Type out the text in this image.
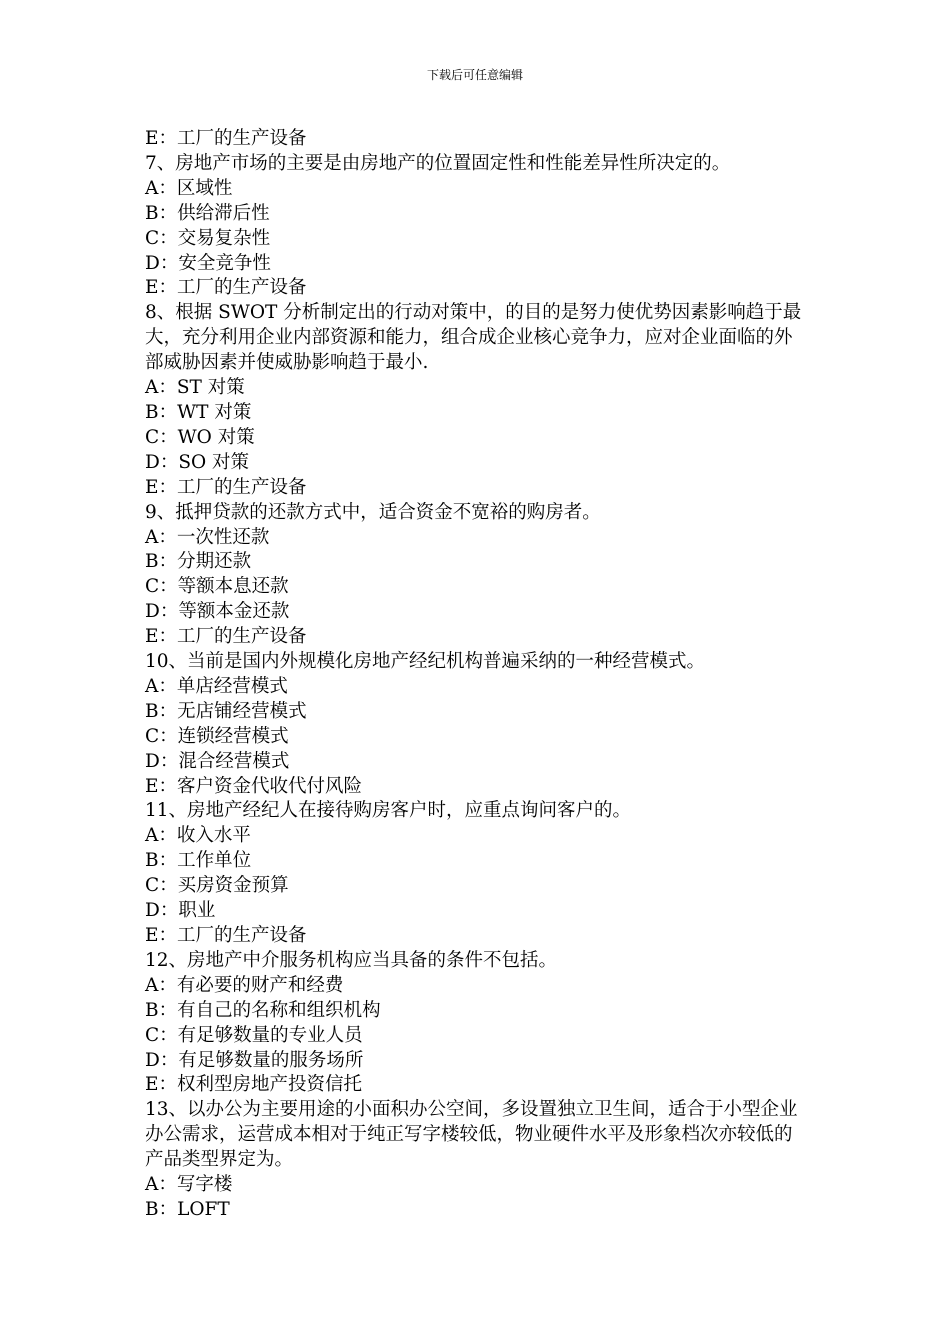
下载后可任意编辑
E：工厂的生产设备
7、房地产市场的主要是由房地产的位置固定性和性能差异性所决定的。
A：区域性
B：供给滞后性
C：交易复杂性
D：安全竞争性
E：工厂的生产设备
8、根据 SWOT 分析制定出的行动对策中，的目的是努力使优势因素影响趋于最大，充分利用企业内部资源和能力，组合成企业核心竞争力，应对企业面临的外部威胁因素并使威胁影响趋于最小.
A：ST 对策
B：WT 对策
C：WO 对策
D：SO 对策
E：工厂的生产设备
9、抵押贷款的还款方式中，适合资金不宽裕的购房者。
A：一次性还款
B：分期还款
C：等额本息还款
D：等额本金还款
E：工厂的生产设备
10、当前是国内外规模化房地产经纪机构普遍采纳的一种经营模式。
A：单店经营模式
B：无店铺经营模式
C：连锁经营模式
D：混合经营模式
E：客户资金代收代付风险
11、房地产经纪人在接待购房客户时，应重点询问客户的。
A：收入水平
B：工作单位
C：买房资金预算
D：职业
E：工厂的生产设备
12、房地产中介服务机构应当具备的条件不包括。
A：有必要的财产和经费
B：有自己的名称和组织机构
C：有足够数量的专业人员
D：有足够数量的服务场所
E：权利型房地产投资信托
13、以办公为主要用途的小面积办公空间，多设置独立卫生间，适合于小型企业办公需求，运营成本相对于纯正写字楼较低，物业硬件水平及形象档次亦较低的产品类型界定为。
A：写字楼
B：LOFT
